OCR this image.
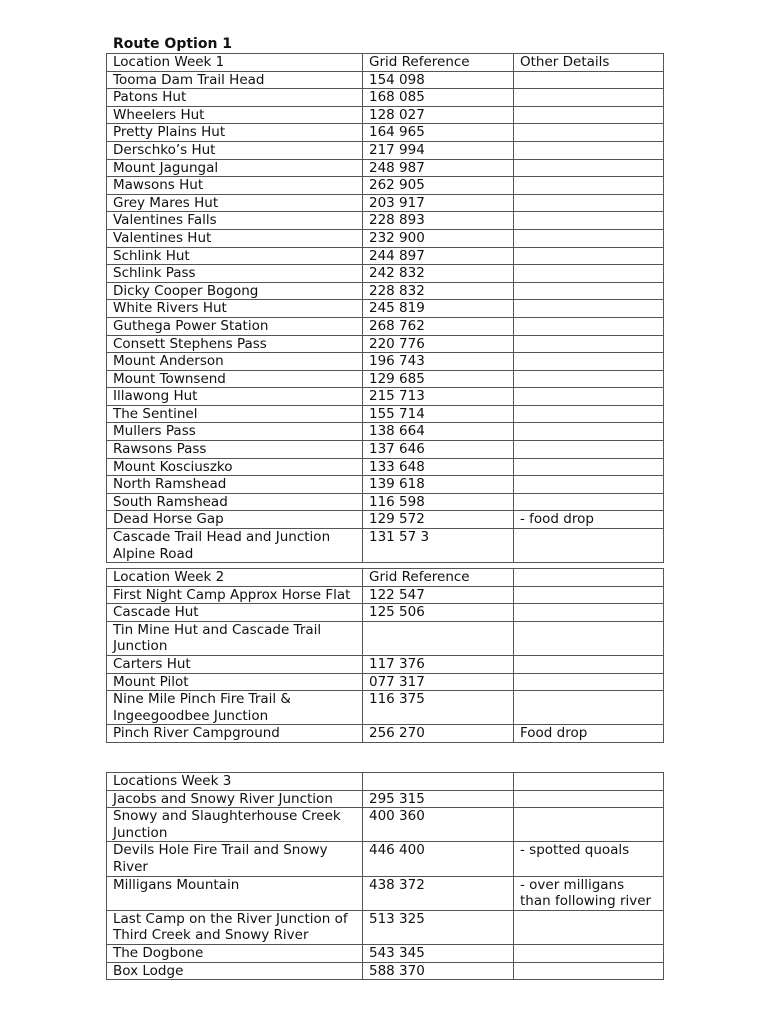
Route Option 1
Location Week 1	Grid Reference	Other Details
Tooma Dam Trail Head	154 098	
Patons Hut	168 085	
Wheelers Hut	128 027	
Pretty Plains Hut	164 965	
Derschko’s Hut	217 994	
Mount Jagungal	248 987	
Mawsons Hut	262 905	
Grey Mares Hut	203 917	
Valentines Falls	228 893	
Valentines Hut	232 900	
Schlink Hut	244 897	
Schlink Pass	242 832	
Dicky Cooper Bogong	228 832	
White Rivers Hut	245 819	
Guthega Power Station	268 762	
Consett Stephens Pass	220 776	
Mount Anderson	196 743	
Mount Townsend	129 685	
Illawong Hut	215 713	
The Sentinel	155 714	
Mullers Pass	138 664	
Rawsons Pass	137 646	
Mount Kosciuszko	133 648	
North Ramshead	139 618	
South Ramshead	116 598	
Dead Horse Gap	129 572	- food drop
Cascade Trail Head and Junction Alpine Road	131 57 3	
Location Week 2	Grid Reference	
First Night Camp Approx Horse Flat	122 547	
Cascade Hut	125 506	
Tin Mine Hut and Cascade Trail Junction		
Carters Hut	117 376	
Mount Pilot	077 317	
Nine Mile Pinch Fire Trail & Ingeegoodbee Junction	116 375	
Pinch River Campground	256 270	Food drop
Locations Week 3		
Jacobs and Snowy River Junction	295 315	
Snowy and Slaughterhouse Creek Junction	400 360	
Devils Hole Fire Trail and Snowy River	446 400	- spotted quoals
Milligans Mountain	438 372	- over milligans than following river
Last Camp on the River Junction of Third Creek and Snowy River	513 325	
The Dogbone	543 345	
Box Lodge	588 370	
